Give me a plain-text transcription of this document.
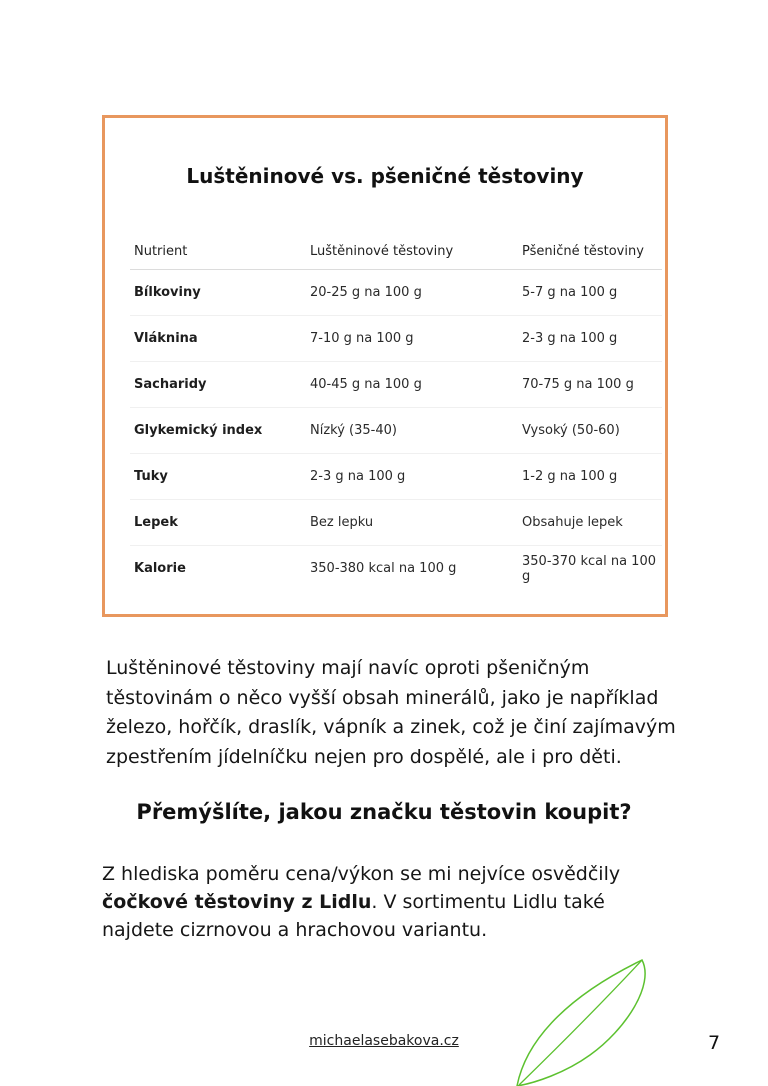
Luštěninové vs. pšeničné těstoviny
Nutrient	Luštěninové těstoviny	Pšeničné těstoviny
Bílkoviny	20-25 g na 100 g	5-7 g na 100 g
Vláknina	7-10 g na 100 g	2-3 g na 100 g
Sacharidy	40-45 g na 100 g	70-75 g na 100 g
Glykemický index	Nízký (35-40)	Vysoký (50-60)
Tuky	2-3 g na 100 g	1-2 g na 100 g
Lepek	Bez lepku	Obsahuje lepek
Kalorie	350-380 kcal na 100 g	350-370 kcal na 100 g

Luštěninové těstoviny mají navíc oproti pšeničným těstovinám o něco vyšší obsah minerálů, jako je například železo, hořčík, draslík, vápník a zinek, což je činí zajímavým zpestřením jídelníčku nejen pro dospělé, ale i pro děti.

Přemýšlíte, jakou značku těstovin koupit?

Z hlediska poměru cena/výkon se mi nejvíce osvědčily
čočkové těstoviny z Lidlu. V sortimentu Lidlu také najdete cizrnovou a hrachovou variantu.

michaelasebakova.cz	7
